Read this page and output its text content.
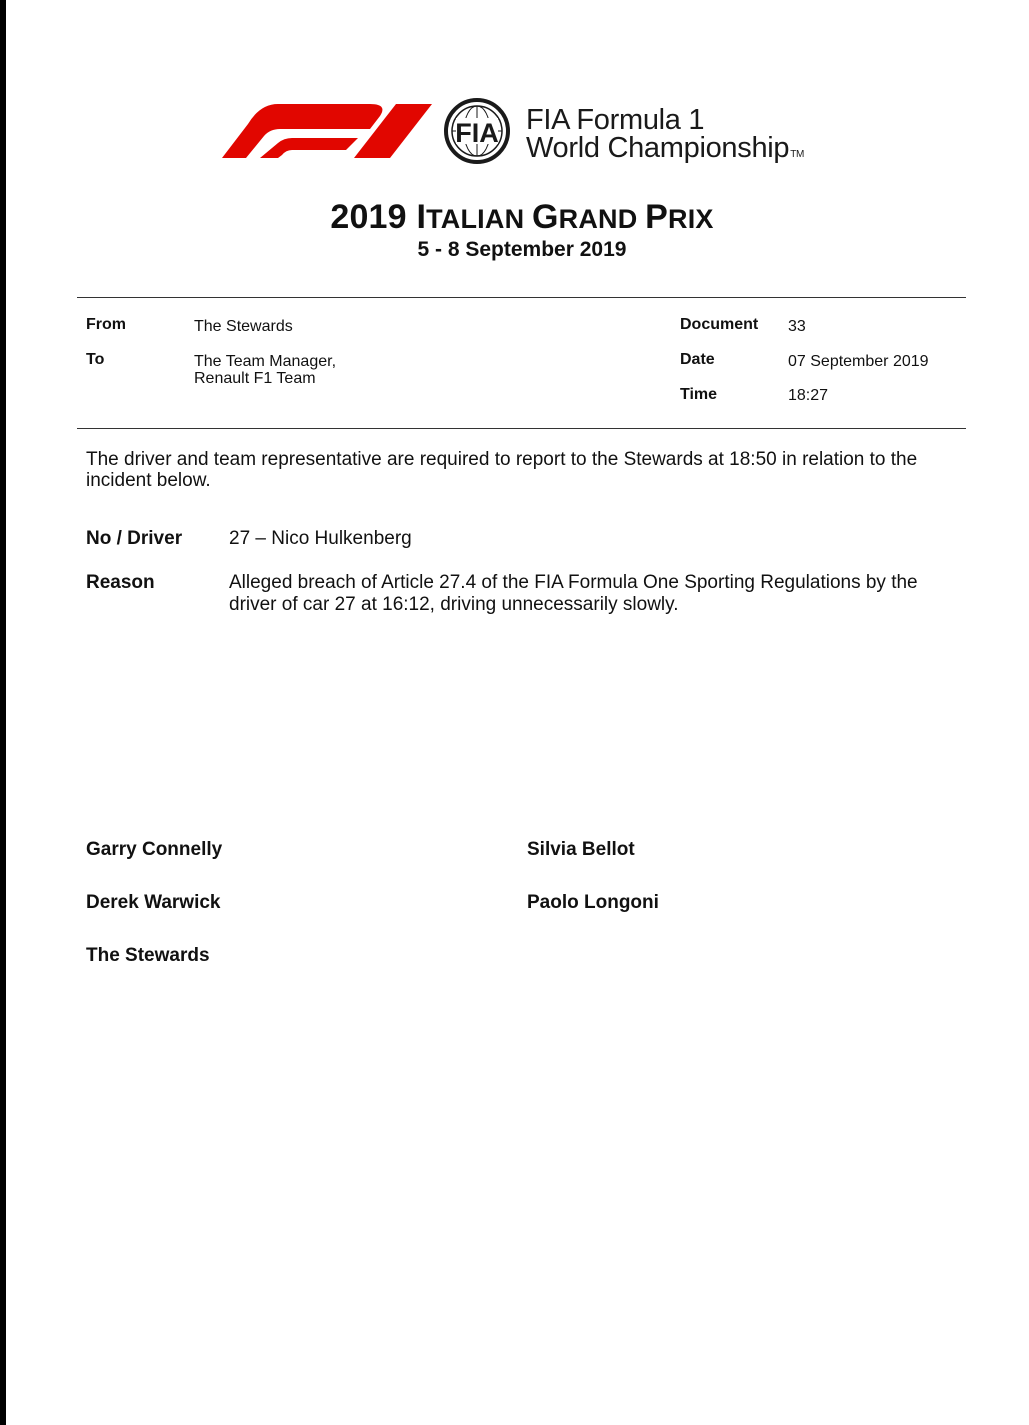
FIA FIA Formula 1
World ChampionshipTM
2019 ITALIAN GRAND PRIX
5 - 8 September 2019
From	The Stewards
To	The Team Manager,
Renault F1 Team
Document 33
Date	07 September 2019
Time	18:27
The driver and team representative are required to report to the Stewards at 18:50 in relation to the incident below.
No / Driver 27 – Nico Hulkenberg
Reason	Alleged breach of Article 27.4 of the FIA Formula One Sporting Regulations by the driver of car 27 at 16:12, driving unnecessarily slowly.
Garry Connelly	Silvia Bellot
Derek Warwick	Paolo Longoni
The Stewards
